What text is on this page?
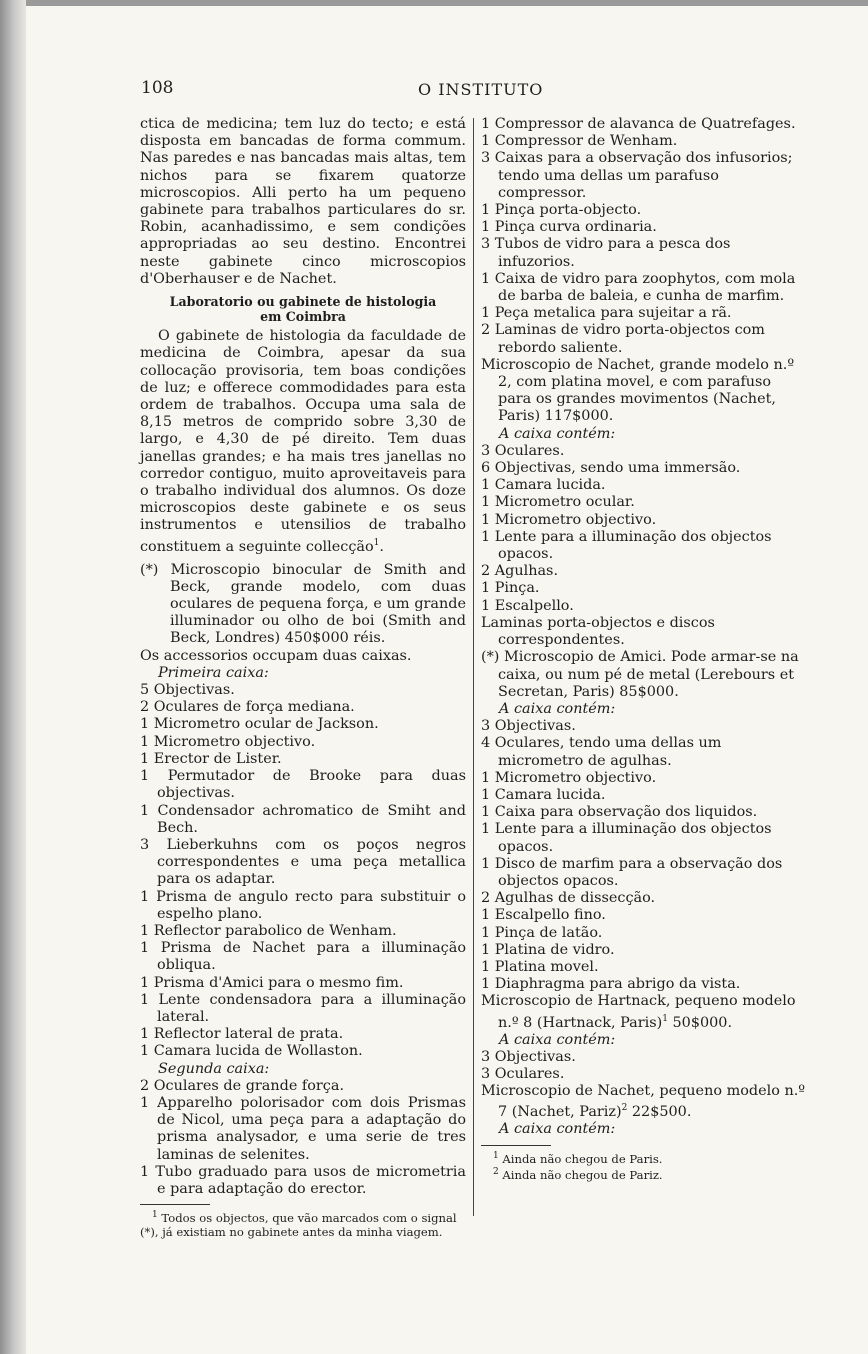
108	O INSTITUTO

ctica de medicina; tem luz do tecto; e está disposta em bancadas de forma commum. Nas paredes e nas bancadas mais altas, tem nichos para se fixarem quatorze microscopios. Alli perto ha um pequeno gabinete para trabalhos particulares do sr. Robin, acanhadissimo, e sem condições appropriadas ao seu destino. Encontrei neste gabinete cinco microscopios d'Oberhauser e de Nachet.

Laboratorio ou gabinete de histologia
em Coimbra

O gabinete de histologia da faculdade de medicina de Coimbra, apesar da sua collocação provisoria, tem boas condições de luz; e offerece commodidades para esta ordem de trabalhos. Occupa uma sala de 8,15 metros de comprido sobre 3,30 de largo, e 4,30 de pé direito. Tem duas janellas grandes; e ha mais tres janellas no corredor contiguo, muito aproveitaveis para o trabalho individual dos alumnos. Os doze microscopios deste gabinete e os seus instrumentos e utensilios de trabalho constituem a seguinte collecção$^1$.

(*) Microscopio binocular de Smith and Beck, grande modelo, com duas oculares de pequena força, e um grande illuminador ou olho de boi (Smith and Beck, Londres) 450$000 réis.

Os accessorios occupam duas caixas.

Primeira caixa:

5 Objectivas.

2 Oculares de força mediana.

1 Micrometro ocular de Jackson.

1 Micrometro objectivo.

1 Erector de Lister.

1 Permutador de Brooke para duas objectivas.

1 Condensador achromatico de Smiht and Bech.

3 Lieberkuhns com os poços negros correspondentes e uma peça metallica para os adaptar.

1 Prisma de angulo recto para substituir o espelho plano.

1 Reflector parabolico de Wenham.

1 Prisma de Nachet para a illuminação obliqua.

1 Prisma d'Amici para o mesmo fim.

1 Lente condensadora para a illuminação lateral.

1 Reflector lateral de prata.

1 Camara lucida de Wollaston.

Segunda caixa:

2 Oculares de grande força.

1 Apparelho polorisador com dois Prismas de Nicol, uma peça para a adaptação do prisma analysador, e uma serie de tres laminas de selenites.

1 Tubo graduado para usos de micrometria e para adaptação do erector.

$^1$ Todos os objectos, que vão marcados com o signal
(*), já existiam no gabinete antes da minha viagem.

1 Compressor de alavanca de Quatrefages.

1 Compressor de Wenham.

3 Caixas para a observação dos infusorios; tendo uma dellas um parafuso compressor.

1 Pinça porta-objecto.

1 Pinça curva ordinaria.

3 Tubos de vidro para a pesca dos infuzorios.

1 Caixa de vidro para zoophytos, com mola de barba de baleia, e cunha de marfim.

1 Peça metalica para sujeitar a rã.

2 Laminas de vidro porta-objectos com rebordo saliente.

Microscopio de Nachet, grande modelo n.º 2, com platina movel, e com parafuso para os grandes movimentos (Nachet, Paris) 117$000.

A caixa contém:

3 Oculares.

6 Objectivas, sendo uma immersão.

1 Camara lucida.

1 Micrometro ocular.

1 Micrometro objectivo.

1 Lente para a illuminação dos objectos opacos.

2 Agulhas.

1 Pinça.

1 Escalpello.

Laminas porta-objectos e discos correspondentes.

(*) Microscopio de Amici. Pode armar-se na caixa, ou num pé de metal (Lerebours et Secretan, Paris) 85$000.

A caixa contém:

3 Objectivas.

4 Oculares, tendo uma dellas um micrometro de agulhas.

1 Micrometro objectivo.

1 Camara lucida.

1 Caixa para observação dos liquidos.

1 Lente para a illuminação dos objectos opacos.

1 Disco de marfim para a observação dos objectos opacos.

2 Agulhas de dissecção.

1 Escalpello fino.

1 Pinça de latão.

1 Platina de vidro.

1 Platina movel.

1 Diaphragma para abrigo da vista.

Microscopio de Hartnack, pequeno modelo n.º 8 (Hartnack, Paris)$^1$ 50$000.

A caixa contém:

3 Objectivas.

3 Oculares.

Microscopio de Nachet, pequeno modelo n.º 7 (Nachet, Pariz)$^2$ 22$500.

A caixa contém:

$^1$ Ainda não chegou de Paris.
$^2$ Ainda não chegou de Pariz.
